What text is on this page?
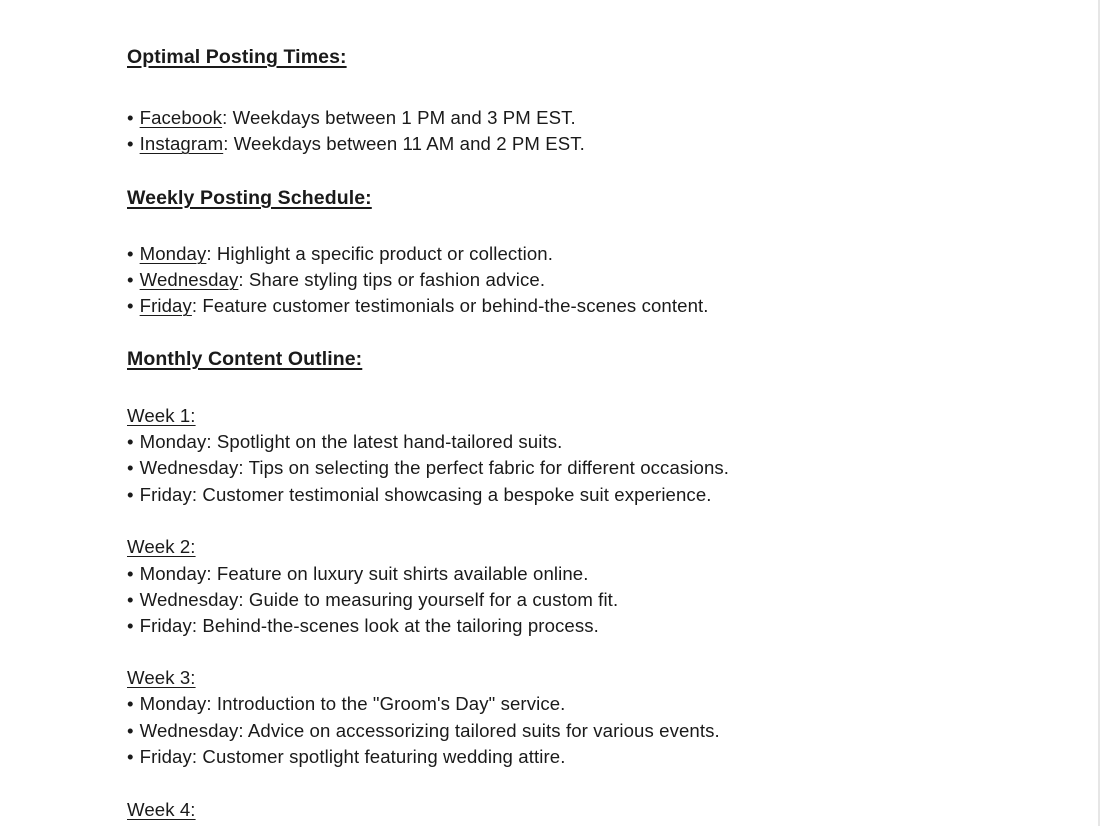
Optimal Posting Times:
• Facebook: Weekdays between 1 PM and 3 PM EST.
• Instagram: Weekdays between 11 AM and 2 PM EST.
Weekly Posting Schedule:
• Monday: Highlight a specific product or collection.
• Wednesday: Share styling tips or fashion advice.
• Friday: Feature customer testimonials or behind-the-scenes content.
Monthly Content Outline:
Week 1:
• Monday: Spotlight on the latest hand-tailored suits.
• Wednesday: Tips on selecting the perfect fabric for different occasions.
• Friday: Customer testimonial showcasing a bespoke suit experience.
Week 2:
• Monday: Feature on luxury suit shirts available online.
• Wednesday: Guide to measuring yourself for a custom fit.
• Friday: Behind-the-scenes look at the tailoring process.
Week 3:
• Monday: Introduction to the "Groom's Day" service.
• Wednesday: Advice on accessorizing tailored suits for various events.
• Friday: Customer spotlight featuring wedding attire.
Week 4:
